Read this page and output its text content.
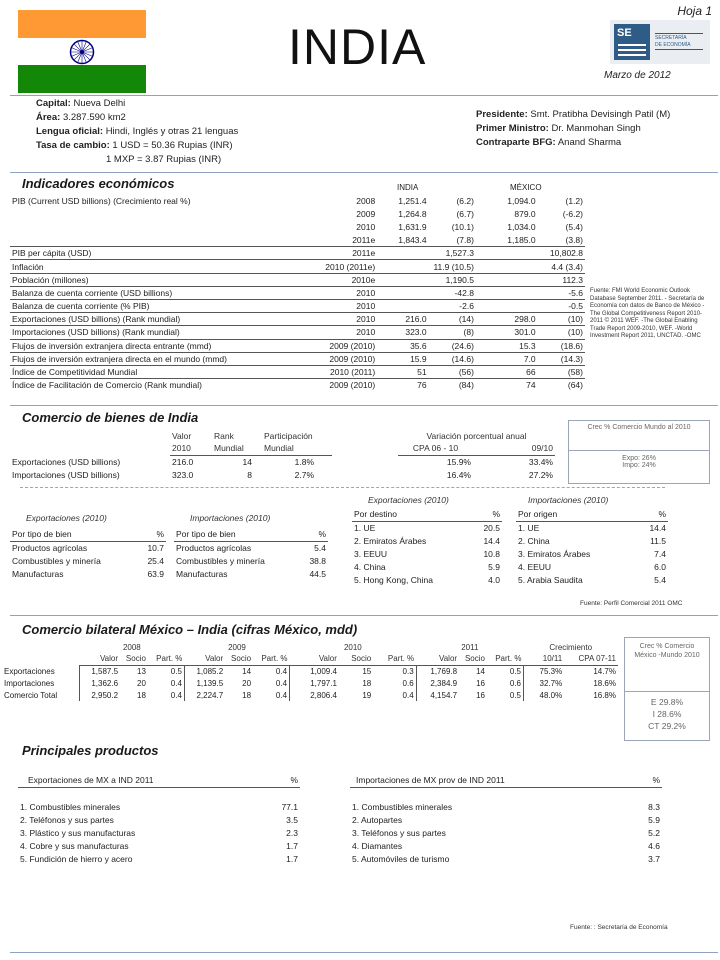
INDIA
Hoja 1
SE	SECRETARÍA
DE ECONOMÍA
Marzo de 2012

Capital: Nueva Delhi

Área: 3.287.590 km2

Lengua oficial: Hindi, Inglés y otras 21 lenguas

Tasa de cambio: 1 USD = 50.36 Rupias (INR)

1 MXP = 3.87 Rupias (INR)

Presidente: Smt. Pratibha Devisingh Patil (M)

Primer Ministro: Dr. Manmohan Singh

Contraparte BFG: Anand Sharma

Indicadores económicos	INDIA	MÉXICO
PIB (Current USD billions) (Crecimiento real %)	2008	1,251.4	(6.2)	1,094.0	(1.2)
	2009	1,264.8	(6.7)	879.0	(-6.2)
	2010	1,631.9	(10.1)	1,034.0	(5.4)
	2011e	1,843.4	(7.8)	1,185.0	(3.8)
PIB per cápita (USD)	2011e	1,527.3		10,802.8	
Inflación	2010 (2011e)	11.9 (10.5)		4.4 (3.4)	
Población (millones)	2010e	1,190.5		112.3	
Balanza de cuenta corriente (USD billions)	2010	-42.8		-5.6	
Balanza de cuenta corriente (% PIB)	2010	-2.6		-0.5	
Exportaciones (USD billions) (Rank mundial)	2010	216.0	(14)	298.0	(10)
Importaciones (USD billions) (Rank mundial)	2010	323.0	(8)	301.0	(10)
Flujos de inversión extranjera directa entrante (mmd)	2009 (2010)	35.6	(24.6)	15.3	(18.6)
Flujos de inversión extranjera directa en el mundo (mmd)	2009 (2010)	15.9	(14.6)	7.0	(14.3)
Índice de Competitividad Mundial	2010 (2011)	51	(56)	66	(58)
Índice de Facilitación de Comercio (Rank mundial)	2009 (2010)	76	(84)	74	(64)
Fuente: FMI World Economic Outlook Database September 2011. - Secretaría de Economía con datos de Banco de México -The Global Competitiveness Report 2010-2011 © 2011 WEF. -The Global Enabling Trade Report 2009-2010, WEF. -World Investment Report 2011, UNCTAD. -OMC
Comercio de bienes de India
	Valor	Rank	Participación		Variación porcentual anual	
	2010	Mundial	Mundial		CPA 06 - 10	09/10
Exportaciones (USD billions)	216.0	14	1.8%		15.9%	33.4%
Importaciones (USD billions)	323.0	8	2.7%		16.4%	27.2%
Crec % Comercio Mundo al 2010
Expo: 26%
Impo: 24%
Exportaciones (2010)	Importaciones (2010)
Exportaciones (2010)	Importaciones (2010)
Por tipo de bien	%
Productos agrícolas	10.7
Combustibles y minería	25.4
Manufacturas	63.9
Por tipo de bien	%
Productos agrícolas	5.4
Combustibles y minería	38.8
Manufacturas	44.5
Por destino	%
1. UE	20.5
2. Emiratos Árabes	14.4
3. EEUU	10.8
4. China	5.9
5. Hong Kong, China	4.0
Por origen	%
1. UE	14.4
2. China	11.5
3. Emiratos Árabes	7.4
4. EEUU	6.0
5. Arabia Saudita	5.4
Fuente: Perfil Comercial 2011 OMC
Comercio bilateral México – India (cifras México, mdd)
	2008			2009			2010			2011			Crecimiento	
	Valor	Socio	Part. %	Valor	Socio	Part. %	Valor	Socio	Part. %	Valor	Socio	Part. %	10/11	CPA 07-11
Exportaciones	1,587.5	13	0.5	1,085.2	14	0.4	1,009.4	15	0.3	1,769.8	14	0.5	75.3%	14.7%
Importaciones	1,362.6	20	0.4	1,139.5	20	0.4	1,797.1	18	0.6	2,384.9	16	0.6	32.7%	18.6%
Comercio Total	2,950.2	18	0.4	2,224.7	18	0.4	2,806.4	19	0.4	4,154.7	16	0.5	48.0%	16.8%
Crec % Comercio México -Mundo 2010
E 29.8%
I 28.6%
CT 29.2%
Principales productos
Exportaciones de MX a IND 2011	%

1. Combustibles minerales	77.1
2. Teléfonos y sus partes	3.5
3. Plástico y sus manufacturas	2.3
4. Cobre y sus manufacturas	1.7
5. Fundición de hierro y acero	1.7
Importaciones de MX prov de IND 2011	%

1. Combustibles minerales	8.3
2. Autopartes	5.9
3. Teléfonos y sus partes	5.2
4. Diamantes	4.6
5. Automóviles de turismo	3.7
Fuente: : Secretaría de Economía
